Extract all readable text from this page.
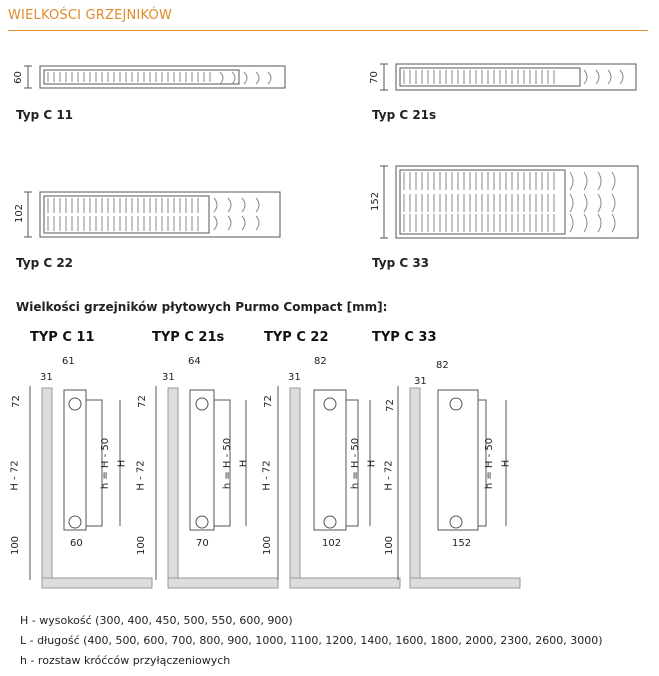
WIELKOŚCI GRZEJNIKÓW
Typ C 11	Typ C 21s
Typ C 22	Typ C 33
60	70
102
152
Wielkości grzejników płytowych Purmo Compact [mm]:
TYP C 11	TYP C 21s	TYP C 22	TYP C 33
61	64	82	82
31	31	31	31
60	70	102	152
72
H - 72
100
72
H - 72
100
72
H - 72
100
72
H - 72
100
h = H - 50 H	h = H - 50 H	h = H - 50 H	h = H - 50 H
H - wysokość (300, 400, 450, 500, 550, 600, 900)
L - długość (400, 500, 600, 700, 800, 900, 1000, 1100, 1200, 1400, 1600, 1800, 2000, 2300, 2600, 3000)
h - rozstaw króćców przyłączeniowych
